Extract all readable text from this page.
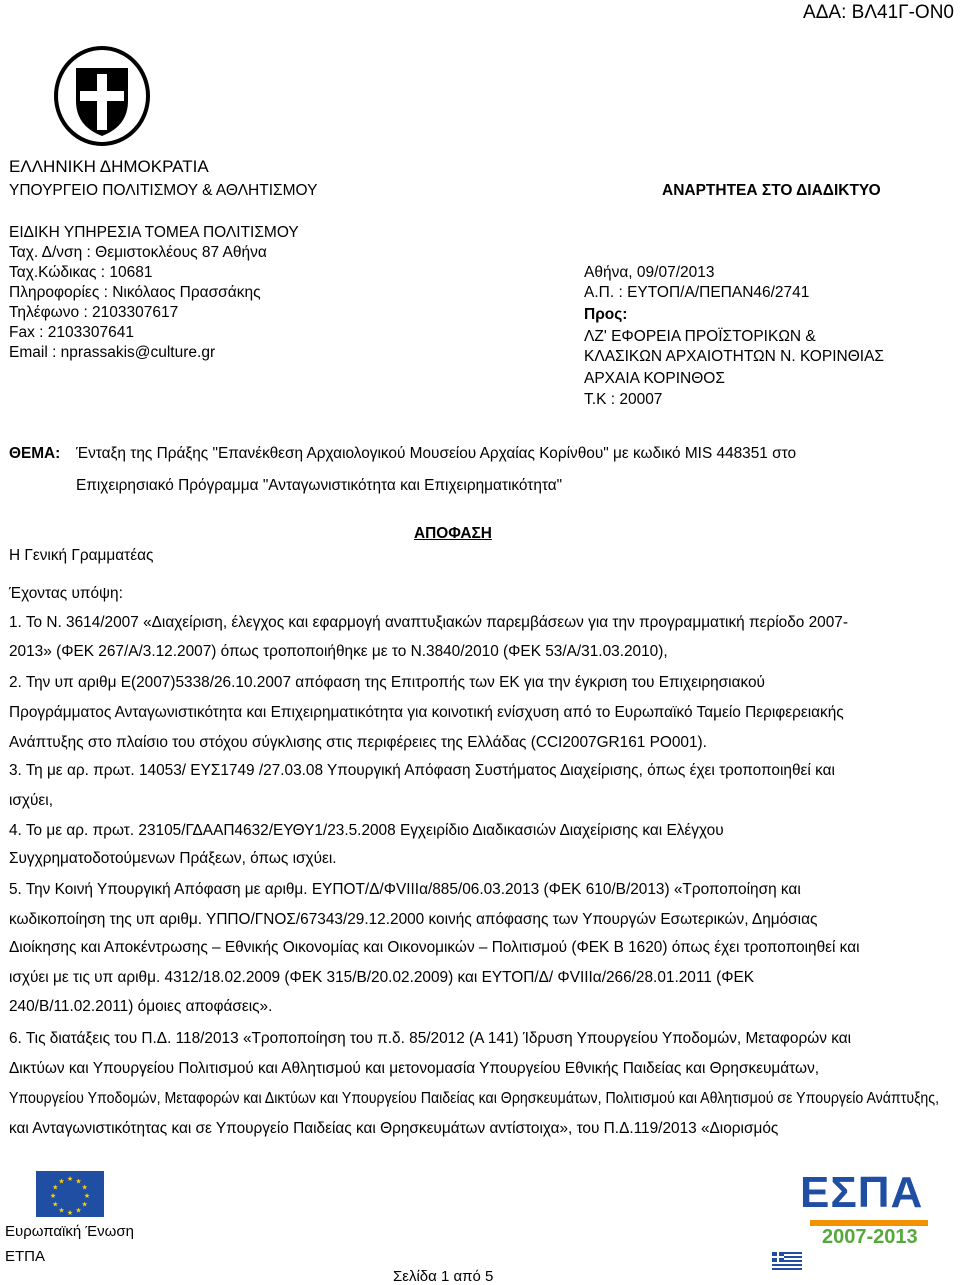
ΑΔΑ: ΒΛ41Γ-ΟΝ0
ΕΛΛΗΝΙΚΗ ΔΗΜΟΚΡΑΤΙΑ
ΥΠΟΥΡΓΕΙΟ ΠΟΛΙΤΙΣΜΟΥ & ΑΘΛΗΤΙΣΜΟΥ	ΑΝΑΡΤΗΤΕΑ ΣΤΟ ΔΙΑΔΙΚΤΥΟ
ΕΙΔΙΚΗ ΥΠΗΡΕΣΙΑ ΤΟΜΕΑ ΠΟΛΙΤΙΣΜΟΥ
Ταχ. Δ/νση : Θεμιστοκλέους 87 Αθήνα
Ταχ.Κώδικας : 10681
Πληροφορίες : Νικόλαος Πρασσάκης
Τηλέφωνο : 2103307617
Fax : 2103307641
Email : nprassakis@culture.gr
Αθήνα, 09/07/2013
Α.Π. : ΕΥΤΟΠ/Α/ΠΕΠΑΝ46/2741
Προς:
ΛΖ' ΕΦΟΡΕΙΑ ΠΡΟΪΣΤΟΡΙΚΩΝ &
ΚΛΑΣΙΚΩΝ ΑΡΧΑΙΟΤΗΤΩΝ Ν. ΚΟΡΙΝΘΙΑΣ
ΑΡΧΑΙΑ ΚΟΡΙΝΘΟΣ
Τ.Κ : 20007
ΘΕΜΑ: Ένταξη της Πράξης "Επανέκθεση Αρχαιολογικού Μουσείου Αρχαίας Κορίνθου" με κωδικό MIS 448351 στο
Επιχειρησιακό Πρόγραμμα "Ανταγωνιστικότητα και Επιχειρηματικότητα"
ΑΠΟΦΑΣΗ
Η Γενική Γραμματέας
Έχοντας υπόψη:
1. Το Ν. 3614/2007 «Διαχείριση, έλεγχος και εφαρμογή αναπτυξιακών παρεμβάσεων για την προγραμματική περίοδο 2007-
2013» (ΦΕΚ 267/Α/3.12.2007) όπως τροποποιήθηκε με το Ν.3840/2010 (ΦΕΚ 53/Α/31.03.2010),
2. Την υπ αριθμ Ε(2007)5338/26.10.2007 απόφαση της Επιτροπής των ΕΚ για την έγκριση του Επιχειρησιακού
Προγράμματος Ανταγωνιστικότητα και Επιχειρηματικότητα για κοινοτική ενίσχυση από το Ευρωπαϊκό Ταμείο Περιφερειακής
Ανάπτυξης στο πλαίσιο του στόχου σύγκλισης στις περιφέρειες της Ελλάδας (CCI2007GR161 PO001).
3. Τη με αρ. πρωτ. 14053/ ΕΥΣ1749 /27.03.08 Υπουργική Απόφαση Συστήματος Διαχείρισης, όπως έχει τροποποιηθεί και
ισχύει,
4. Το με αρ. πρωτ. 23105/ΓΔΑΑΠ4632/ΕΥΘΥ1/23.5.2008 Εγχειρίδιο Διαδικασιών Διαχείρισης και Ελέγχου
Συγχρηματοδοτούμενων Πράξεων, όπως ισχύει.
5. Την Κοινή Υπουργική Απόφαση με αριθμ. ΕΥΠΟΤ/Δ/ΦVIIIα/885/06.03.2013 (ΦΕΚ 610/Β/2013) «Τροποποίηση και
κωδικοποίηση της υπ αριθμ. ΥΠΠΟ/ΓΝΟΣ/67343/29.12.2000 κοινής απόφασης των Υπουργών Εσωτερικών, Δημόσιας
Διοίκησης και Αποκέντρωσης – Εθνικής Οικονομίας και Οικονομικών – Πολιτισμού (ΦΕΚ Β 1620) όπως έχει τροποποιηθεί και
ισχύει με τις υπ αριθμ. 4312/18.02.2009 (ΦΕΚ 315/Β/20.02.2009) και ΕΥΤΟΠ/Δ/ ΦVIIIα/266/28.01.2011 (ΦΕΚ
240/Β/11.02.2011) όμοιες αποφάσεις».
6. Τις διατάξεις του Π.Δ. 118/2013 «Τροποποίηση του π.δ. 85/2012 (Α 141) Ίδρυση Υπουργείου Υποδομών, Μεταφορών και
Δικτύων και Υπουργείου Πολιτισμού και Αθλητισμού και μετονομασία Υπουργείου Εθνικής Παιδείας και Θρησκευμάτων,
Υπουργείου Υποδομών, Μεταφορών και Δικτύων και Υπουργείου Παιδείας και Θρησκευμάτων, Πολιτισμού και Αθλητισμού σε Υπουργείο Ανάπτυξης,
και Ανταγωνιστικότητας και σε Υπουργείο Παιδείας και Θρησκευμάτων αντίστοιχα», του Π.Δ.119/2013 «Διορισμός
★ ★
★
★
★
★
★
★
★
★
★
★
Ευρωπαϊκή Ένωση
ΕΤΠΑ
ΕΣΠΑ
2007-2013
Σελίδα 1 από 5
